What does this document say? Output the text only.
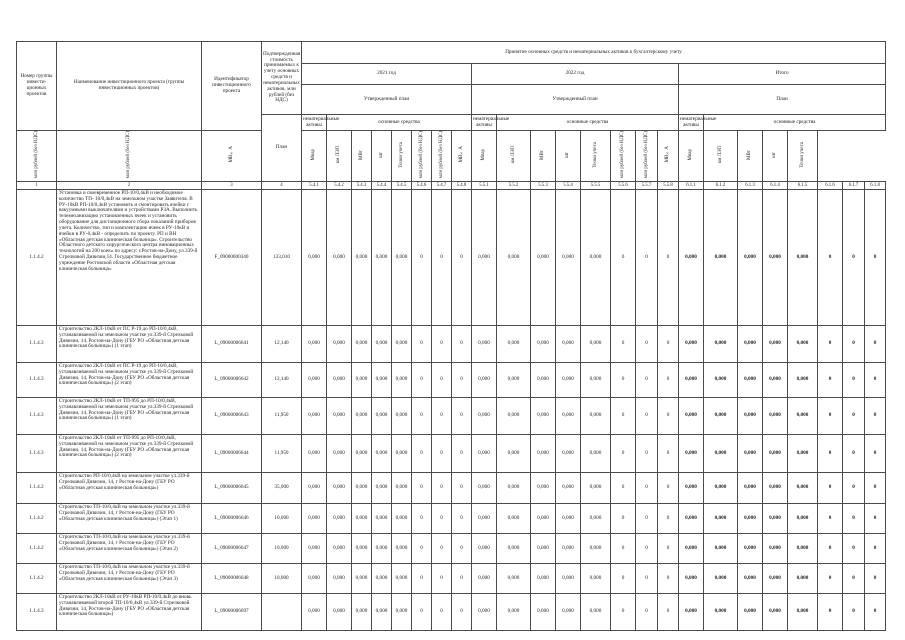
Номер группы инвести-ционных проектов	Наименование инвестиционного проекта (группы инвестиционных проектов)	Идентификатор инвестиционного проекта	Подтвержденная стоимость принимаемых к учету основных средств и нематериальных активов, млн рублей (без НДС)	Принятие основных средств и нематериальных активов к бухгалтерскому учету																							
				2021 год								2022 год								Итого							
				Утвержденный план								Утвержденный план								План							
			План	нематериальные активы	основные средства							нематериальные активы	основные средства							нематериальные активы	основные средства						
млн рублей (без НДС)	млн рублей (без НДС)	МВ×А		Мвар	км ЛЭП	МВт	шт	Точки учета	млн рублей (без НДС)	млн рублей (без НДС)	МВ×А	Мвар	км ЛЭП	МВт	шт	Точки учета	млн рублей (без НДС)	млн рублей (без НДС)	МВ×А	Мвар	км ЛЭП	МВт	шт	Точки учета			
1	2	3	4	5.4.1	5.4.2	5.4.3	5.4.4	5.4.5	5.4.6	5.4.7	5.4.8	5.5.1	5.5.2	5.5.3	5.5.4	5.5.5	5.5.6	5.5.7	5.5.8	6.1.1	6.1.2	6.1.3	6.1.4	6.1.5	6.1.6	6.1.7	6.1.8
1.1.4.2	Установка и своевременное РП-10/0,4кВ и необходимое количество ТП- 10/0,4кВ на земельном участке Заявителя. В РУ-10кВ РП-10/0,4кВ установить и смонтировать ячейки с вакуумными выключателями и устройствами РЗА. Выполнить телемеханизацию установленных ячеек и установить оборудование для дистанционного сбора показаний приборов учета. Количество, тип и комплектацию ячеек в РУ-10кВ и ячейки в РУ-0,4кВ - определить по проекту. РП и ВН «Областная детская клиническая больница». Строительство Областного детского хирургического центра инновационных технологий на 200 коек» по адресу: г.Ростов-на-Дону, ул.339-й Стрелковой Дивизии,14. Государственное бюджетное учреждение Ростовской области «Областная детская клиническая больница»	F_09000000340	133,010	0,000	0,000	0,000	0,000	0,000	0	0	0	0,000	0,000	0,000	0,000	0,000	0	0	0	0,000	0,000	0,000	0,000	0,000	0	0	0
1.1.4.3	Строительство 2КЛ-10кВ от ПС Р-19 до РП-10/0,4кВ, устанавливаемой на земельном участке ул.339-й Стрелковой Дивизии, 14, Ростов-на-Дону (ГБУ РО «Областная детская клиническая больница») (1 этап)	L_09000006641	12,140	0,000	0,000	0,000	0,000	0,000	0	0	0	0,000	0,000	0,000	0,000	0,000	0	0	0	0,000	0,000	0,000	0,000	0,000	0	0	0
1.1.4.3	Строительство 2КЛ-10кВ от ПС Р-19 до РП-10/0,4кВ, устанавливаемой на земельном участке ул.339-й Стрелковой Дивизии, 14, Ростов-на-Дону (ГБУ РО «Областная детская клиническая больница») (2 этап)	L_09000006642	12,140	0,000	0,000	0,000	0,000	0,000	0	0	0	0,000	0,000	0,000	0,000	0,000	0	0	0	0,000	0,000	0,000	0,000	0,000	0	0	0
1.1.4.3	Строительство 2КЛ-10кВ от ТП-995 до РП-10/0,4кВ, устанавливаемой на земельном участке ул.339-й Стрелковой Дивизии, 14, Ростов-на-Дону (ГБУ РО «Областная детская клиническая больница») (1 этап)	L_09000006643	11,950	0,000	0,000	0,000	0,000	0,000	0	0	0	0,000	0,000	0,000	0,000	0,000	0	0	0	0,000	0,000	0,000	0,000	0,000	0	0	0
1.1.4.3	Строительство 2КЛ-10кВ от ТП-995 до РП-10/0,4кВ, устанавливаемой на земельном участке ул.339-й Стрелковой Дивизии, 14, Ростов-на-Дону (ГБУ РО «Областная детская клиническая больница») (2 этап)	L_09000006644	11,950	0,000	0,000	0,000	0,000	0,000	0	0	0	0,000	0,000	0,000	0,000	0,000	0	0	0	0,000	0,000	0,000	0,000	0,000	0	0	0
1.1.4.2	Строительство РП-10/0,4кВ на земельном участке ул.339-й Стрелковой Дивизии, 14, г Ростов-на-Дону (ГБУ РО «Областная детская клиническая больница»)	L_09000006645	35,000	0,000	0,000	0,000	0,000	0,000	0	0	0	0,000	0,000	0,000	0,000	0,000	0	0	0	0,000	0,000	0,000	0,000	0,000	0	0	0
1.1.4.2	Строительство ТП-10/0,4кВ на земельном участке ул.339-й Стрелковой Дивизии, 14, г Ростов-на-Дону (ГБУ РО «Областная детская клиническая больница») (Этап 1)	L_09000006646	10,000	0,000	0,000	0,000	0,000	0,000	0	0	0	0,000	0,000	0,000	0,000	0,000	0	0	0	0,000	0,000	0,000	0,000	0,000	0	0	0
1.1.4.2	Строительство ТП-10/0,4кВ на земельном участке ул.339-й Стрелковой Дивизии, 14, г Ростов-на-Дону (ГБУ РО «Областная детская клиническая больница») (Этап 2)	L_09000006647	10,000	0,000	0,000	0,000	0,000	0,000	0	0	0	0,000	0,000	0,000	0,000	0,000	0	0	0	0,000	0,000	0,000	0,000	0,000	0	0	0
1.1.4.2	Строительство ТП-10/0,4кВ на земельном участке ул.339-й Стрелковой Дивизии, 14, г Ростов-на-Дону (ГБУ РО «Областная детская клиническая больница») (Этап 3)	L_09000006648	10,000	0,000	0,000	0,000	0,000	0,000	0	0	0	0,000	0,000	0,000	0,000	0,000	0	0	0	0,000	0,000	0,000	0,000	0,000	0	0	0
1.1.4.3	Строительство 2КЛ-10кВ от РУ-10кВ РП-10/0,4кВ до вновь устанавливаемой второй ТП-10/0,4кВ ул.339-й Стрелковой Дивизии, 14, Ростов-на-Дону (ГБУ РО «Областная детская клиническая больница»)	L_09000006697		0,000	0,000	0,000	0,000	0,000	0	0	0	0,000	0,000	0,000	0,000	0,000	0	0	0	0,000	0,000	0,000	0,000	0,000	0	0	0
